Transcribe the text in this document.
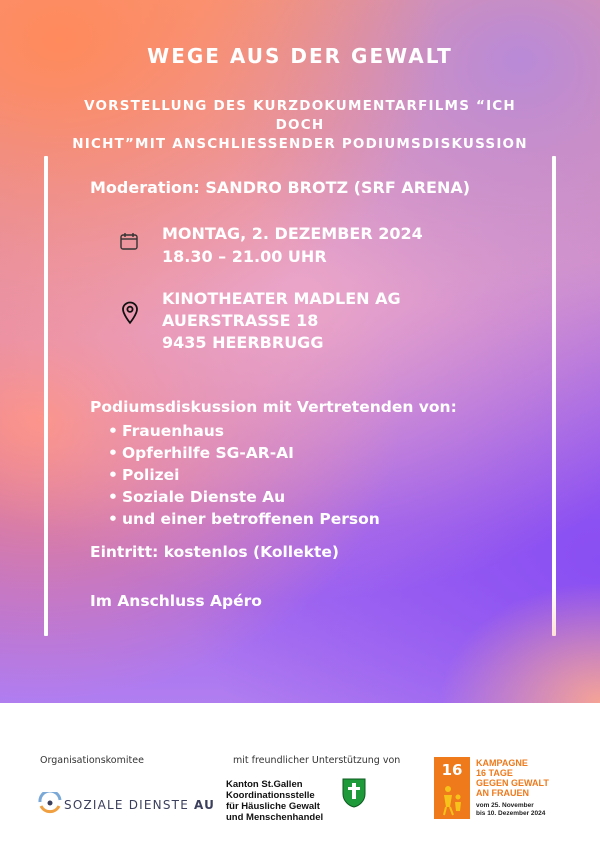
WEGE AUS DER GEWALT
VORSTELLUNG DES KURZDOKUMENTARFILMS “ICH DOCH
NICHT”MIT ANSCHLIESSENDER PODIUMSDISKUSSION
Moderation: SANDRO BROTZ (SRF ARENA)
MONTAG, 2. DEZEMBER 2024
18.30 – 21.00 UHR
KINOTHEATER MADLEN AG
AUERSTRASSE 18
9435 HEERBRUGG
Podiumsdiskussion mit Vertretenden von:
• Frauenhaus
• Opferhilfe SG-AR-AI
• Polizei
• Soziale Dienste Au
• und einer betroffenen Person
Eintritt: kostenlos (Kollekte)
Im Anschluss Apéro
Organisationskomitee	mit freundlicher Unterstützung von
SOZIALE DIENSTE AU
Kanton St.Gallen
Koordinationsstelle
für Häusliche Gewalt
und Menschenhandel
16 KAMPAGNE
16 TAGE
GEGEN GEWALT
AN FRAUEN
vom 25. November
bis 10. Dezember 2024
